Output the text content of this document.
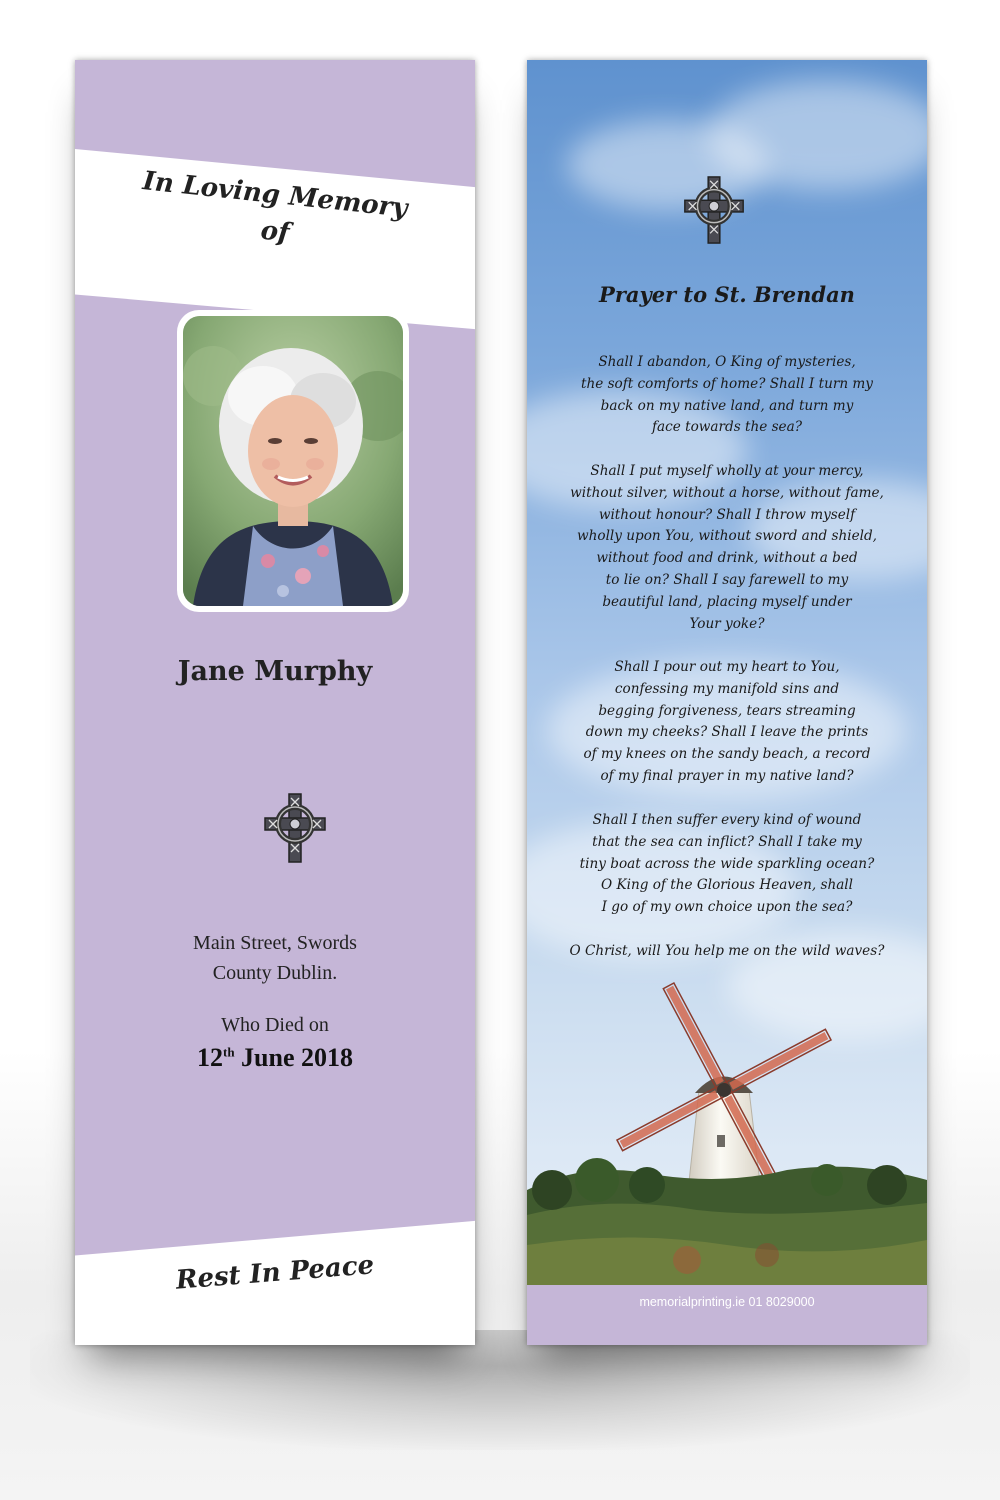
In Loving Memory
of
Jane Murphy
Main Street, Swords
County Dublin.
Who Died on
12th June 2018
Rest In Peace
Prayer to St. Brendan
Shall I abandon, O King of mysteries,
the soft comforts of home? Shall I turn my
back on my native land, and turn my
face towards the sea?
Shall I put myself wholly at your mercy,
without silver, without a horse, without fame,
without honour? Shall I throw myself
wholly upon You, without sword and shield,
without food and drink, without a bed
to lie on? Shall I say farewell to my
beautiful land, placing myself under
Your yoke?
Shall I pour out my heart to You,
confessing my manifold sins and
begging forgiveness, tears streaming
down my cheeks? Shall I leave the prints
of my knees on the sandy beach, a record
of my final prayer in my native land?
Shall I then suffer every kind of wound
that the sea can inflict? Shall I take my
tiny boat across the wide sparkling ocean?
O King of the Glorious Heaven, shall
I go of my own choice upon the sea?
O Christ, will You help me on the wild waves?
memorialprinting.ie 01 8029000
